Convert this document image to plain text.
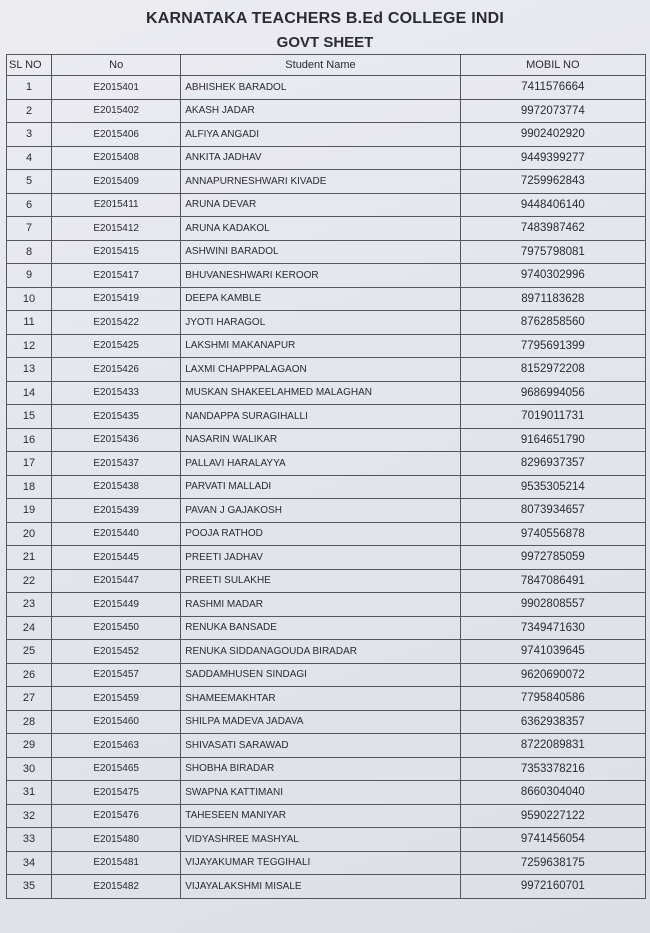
KARNATAKA TEACHERS B.Ed COLLEGE INDI
GOVT SHEET
SL NO	No	Student Name	MOBIL NO
1	E2015401	ABHISHEK BARADOL	7411576664
2	E2015402	AKASH JADAR	9972073774
3	E2015406	ALFIYA ANGADI	9902402920
4	E2015408	ANKITA JADHAV	9449399277
5	E2015409	ANNAPURNESHWARI KIVADE	7259962843
6	E2015411	ARUNA DEVAR	9448406140
7	E2015412	ARUNA KADAKOL	7483987462
8	E2015415	ASHWINI BARADOL	7975798081
9	E2015417	BHUVANESHWARI KEROOR	9740302996
10	E2015419	DEEPA KAMBLE	8971183628
11	E2015422	JYOTI HARAGOL	8762858560
12	E2015425	LAKSHMI MAKANAPUR	7795691399
13	E2015426	LAXMI CHAPPPALAGAON	8152972208
14	E2015433	MUSKAN SHAKEELAHMED MALAGHAN	9686994056
15	E2015435	NANDAPPA SURAGIHALLI	7019011731
16	E2015436	NASARIN WALIKAR	9164651790
17	E2015437	PALLAVI HARALAYYA	8296937357
18	E2015438	PARVATI MALLADI	9535305214
19	E2015439	PAVAN J GAJAKOSH	8073934657
20	E2015440	POOJA RATHOD	9740556878
21	E2015445	PREETI JADHAV	9972785059
22	E2015447	PREETI SULAKHE	7847086491
23	E2015449	RASHMI MADAR	9902808557
24	E2015450	RENUKA BANSADE	7349471630
25	E2015452	RENUKA SIDDANAGOUDA BIRADAR	9741039645
26	E2015457	SADDAMHUSEN SINDAGI	9620690072
27	E2015459	SHAMEEMAKHTAR	7795840586
28	E2015460	SHILPA MADEVA JADAVA	6362938357
29	E2015463	SHIVASATI SARAWAD	8722089831
30	E2015465	SHOBHA BIRADAR	7353378216
31	E2015475	SWAPNA KATTIMANI	8660304040
32	E2015476	TAHESEEN MANIYAR	9590227122
33	E2015480	VIDYASHREE MASHYAL	9741456054
34	E2015481	VIJAYAKUMAR TEGGIHALI	7259638175
35	E2015482	VIJAYALAKSHMI MISALE	9972160701
